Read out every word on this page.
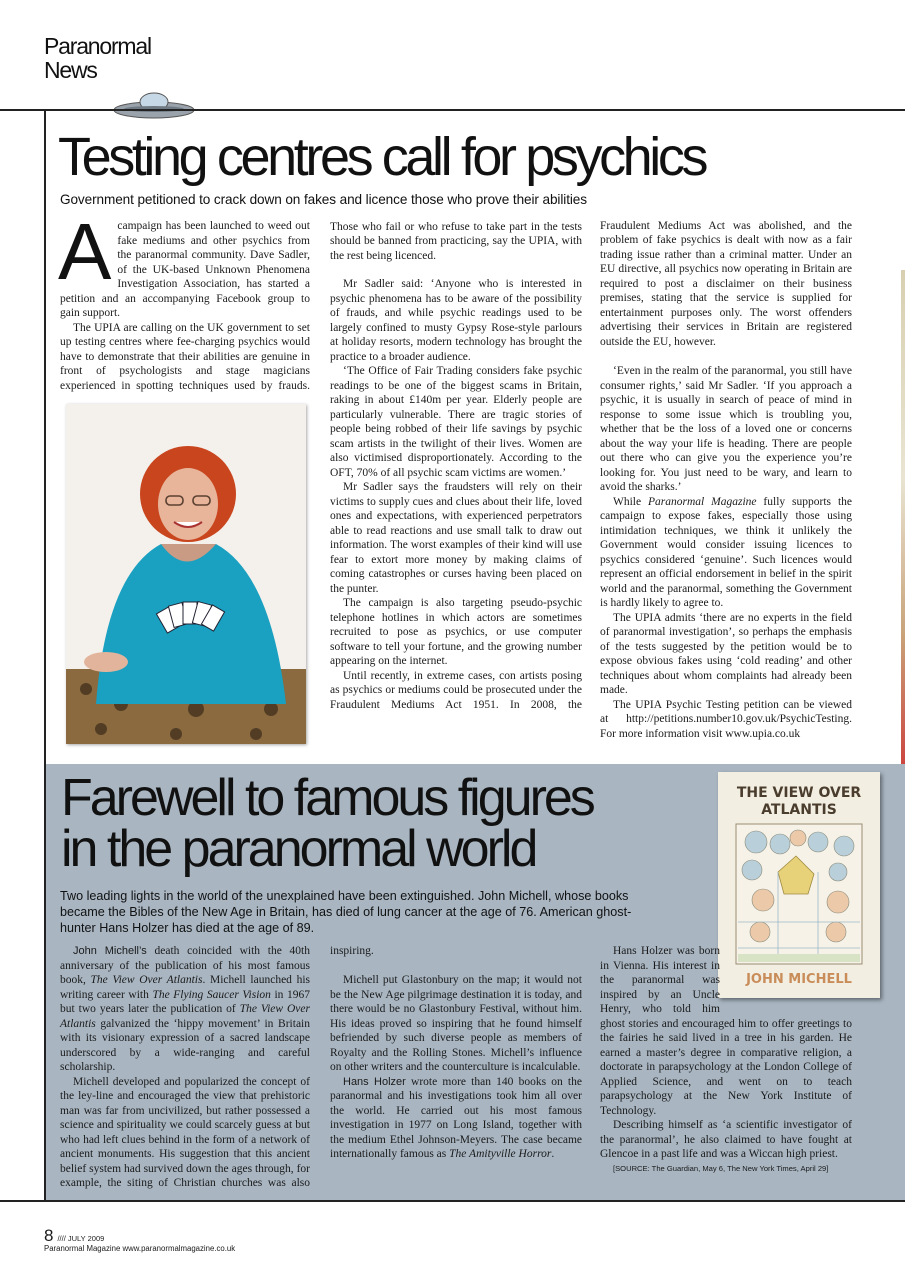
Paranormal
News
Testing centres call for psychics
Government petitioned to crack down on fakes and licence those who prove their abilities

Acampaign has been launched to weed out fake mediums and other psychics from the paranormal community. Dave Sadler, of the UK-based Unknown Phenomena Investigation Association, has started a petition and an accompanying Facebook group to gain support.

The UPIA are calling on the UK government to set up testing centres where fee-charging psychics would have to demonstrate that their abilities are genuine in front of psychologists and stage magicians experienced in spotting techniques used by frauds.

Those who fail or who refuse to take part in the tests should be banned from practicing, say the UPIA, with the rest being licenced.

Mr Sadler said: ‘Anyone who is interested in psychic phenomena has to be aware of the possibility of frauds, and while psychic readings used to be largely confined to musty Gypsy Rose-style parlours at holiday resorts, modern technology has brought the practice to a broader audience.

‘The Office of Fair Trading considers fake psychic readings to be one of the biggest scams in Britain, raking in about £140m per year. Elderly people are particularly vulnerable. There are tragic stories of people being robbed of their life savings by psychic scam artists in the twilight of their lives. Women are also victimised disproportionately. According to the OFT, 70% of all psychic scam victims are women.’

Mr Sadler says the fraudsters will rely on their victims to supply cues and clues about their life, loved ones and expectations, with experienced perpetrators able to read reactions and use small talk to draw out information. The worst examples of their kind will use fear to extort more money by making claims of coming catastrophes or curses having been placed on the punter.

The campaign is also targeting pseudo-psychic telephone hotlines in which actors are sometimes recruited to pose as psychics, or use computer software to tell your fortune, and the growing number appearing on the internet.

Until recently, in extreme cases, con artists posing as psychics or mediums could be prosecuted under the Fraudulent Mediums Act 1951. In 2008, the

Fraudulent Mediums Act was abolished, and the problem of fake psychics is dealt with now as a fair trading issue rather than a criminal matter. Under an EU directive, all psychics now operating in Britain are required to post a disclaimer on their business premises, stating that the service is supplied for entertainment purposes only. The worst offenders advertising their services in Britain are registered outside the EU, however.

‘Even in the realm of the paranormal, you still have consumer rights,’ said Mr Sadler. ‘If you approach a psychic, it is usually in search of peace of mind in response to some issue which is troubling you, whether that be the loss of a loved one or concerns about the way your life is heading. There are people out there who can give you the experience you’re looking for. You just need to be wary, and learn to avoid the sharks.’

While Paranormal Magazine fully supports the campaign to expose fakes, especially those using intimidation techniques, we think it unlikely the Government would consider issuing licences to psychics considered ‘genuine’. Such licences would represent an official endorsement in belief in the spirit world and the paranormal, something the Government is hardly likely to agree to.

The UPIA admits ‘there are no experts in the field of paranormal investigation’, so perhaps the emphasis of the tests suggested by the petition would be to expose obvious fakes using ‘cold reading’ and other techniques about whom complaints had already been made.

The UPIA Psychic Testing petition can be viewed at http://petitions.number10.gov.uk/PsychicTesting. For more information visit www.upia.co.uk

Farewell to famous figures
in the paranormal world
Two leading lights in the world of the unexplained have been extinguished. John Michell, whose books became the Bibles of the New Age in Britain, has died of lung cancer at the age of 76. American ghost-hunter Hans Holzer has died at the age of 89.
THE VIEW OVER
ATLANTIS
JOHN MICHELL

John Michell’s death coincided with the 40th anniversary of the publication of his most famous book, The View Over Atlantis. Michell launched his writing career with The Flying Saucer Vision in 1967 but two years later the publication of The View Over Atlantis galvanized the ‘hippy movement’ in Britain with its visionary expression of a sacred landscape underscored by a wide-ranging and careful scholarship.

Michell developed and popularized the concept of the ley-line and encouraged the view that prehistoric man was far from uncivilized, but rather possessed a science and spirituality we could scarcely guess at but who had left clues behind in the form of a network of ancient monuments. His suggestion that this ancient belief system had survived down the ages through, for example, the siting of Christian churches was also

inspiring.

Michell put Glastonbury on the map; it would not be the New Age pilgrimage destination it is today, and there would be no Glastonbury Festival, without him. His ideas proved so inspiring that he found himself befriended by such diverse people as members of Royalty and the Rolling Stones. Michell’s influence on other writers and the counterculture is incalculable.

Hans Holzer wrote more than 140 books on the paranormal and his investigations took him all over the world. He carried out his most famous investigation in 1977 on Long Island, together with the medium Ethel Johnson-Meyers. The case became internationally famous as The Amityville Horror.

Hans Holzer was born in Vienna. His interest in the paranormal was inspired by an Uncle Henry, who told him ghost stories and encouraged him to offer greetings to the fairies he said lived in a tree in his garden. He earned a master’s degree in comparative religion, a doctorate in parapsychology at the London College of Applied Science, and went on to teach parapsychology at the New York Institute of Technology.

Describing himself as ‘a scientific investigator of the paranormal’, he also claimed to have fought at Glencoe in a past life and was a Wiccan high priest.

[SOURCE: The Guardian, May 6, The New York Times, April 29]

8 //// JULY 2009
Paranormal Magazine www.paranormalmagazine.co.uk
